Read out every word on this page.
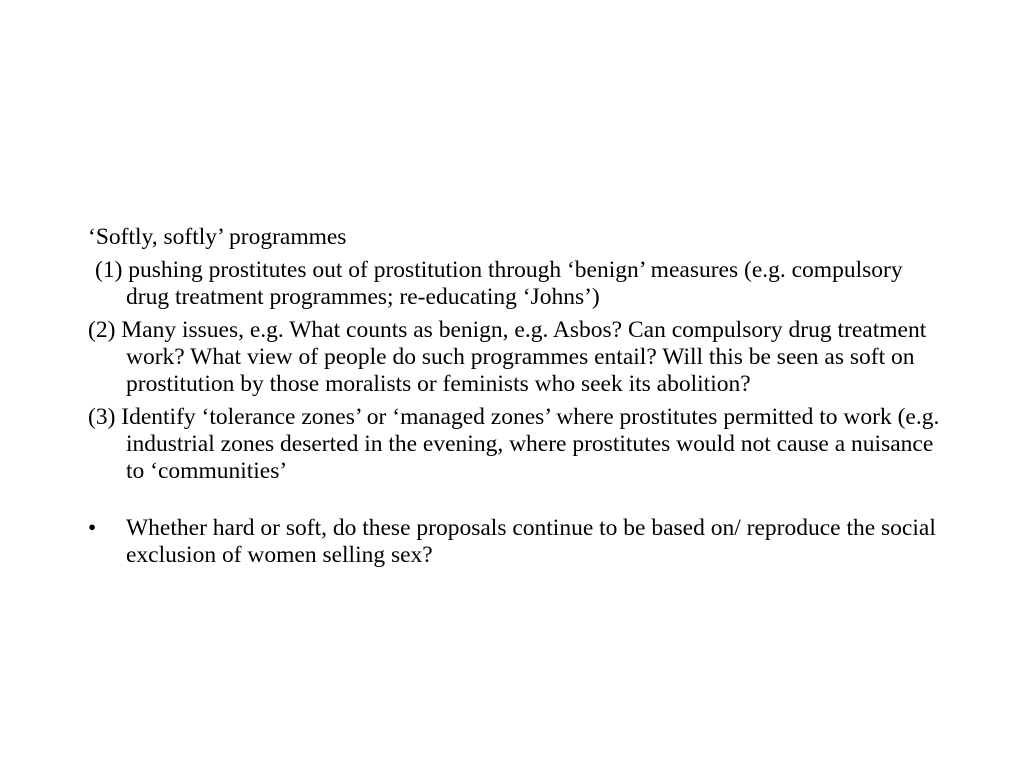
‘Softly, softly’ programmes

(1) pushing prostitutes out of prostitution through ‘benign’ measures (e.g. compulsory drug treatment programmes; re-educating ‘Johns’)

(2) Many issues, e.g. What counts as benign, e.g. Asbos? Can compulsory drug treatment work? What view of people do such programmes entail? Will this be seen as soft on prostitution by those moralists or feminists who seek its abolition?

(3) Identify ‘tolerance zones’ or ‘managed zones’ where prostitutes permitted to work (e.g. industrial zones deserted in the evening, where prostitutes would not cause a nuisance to ‘communities’

• Whether hard or soft, do these proposals continue to be based on/ reproduce the social exclusion of women selling sex?
